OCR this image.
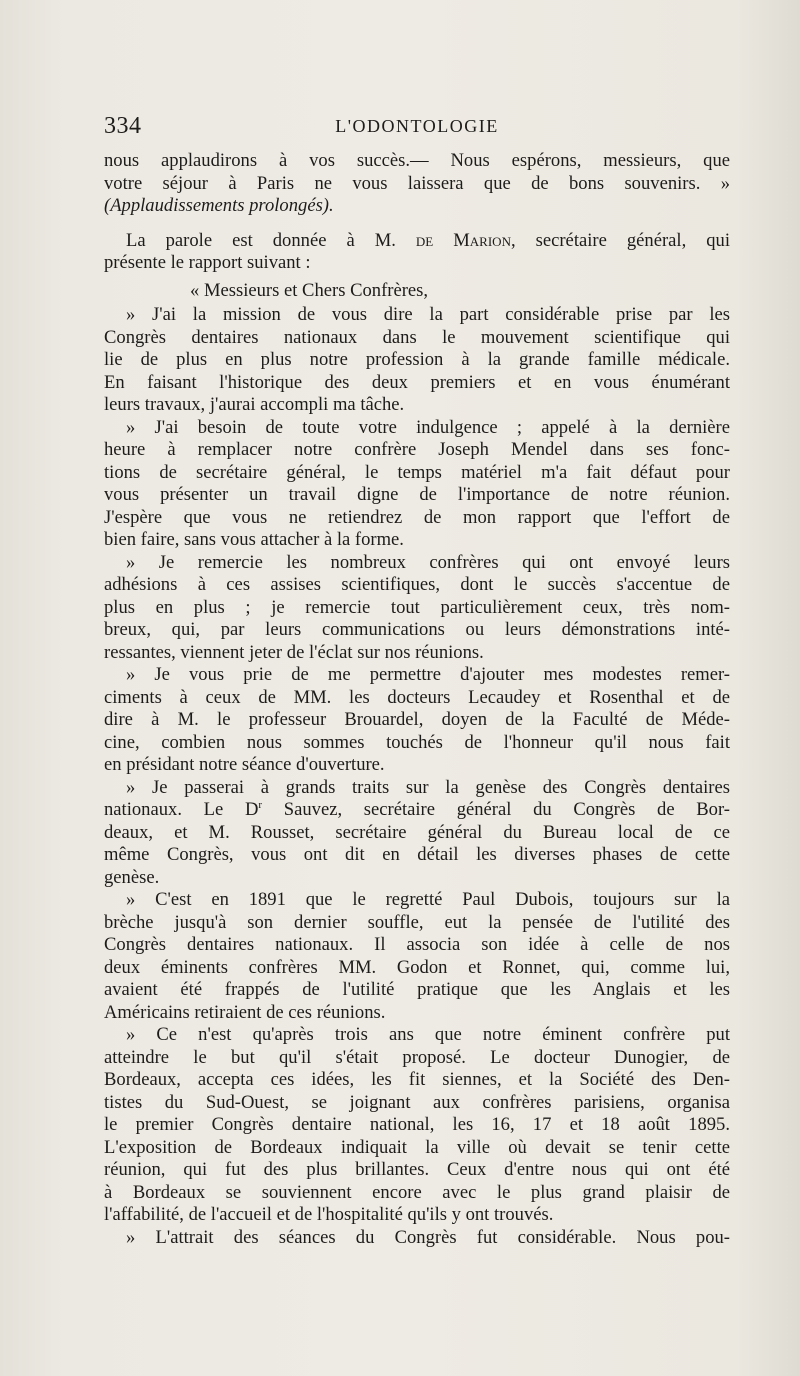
334	L'ODONTOLOGIE

nous applaudirons à vos succès.— Nous espérons, messieurs, que
votre séjour à Paris ne vous laissera que de bons souvenirs. »
(Applaudissements prolongés).

La parole est donnée à M. de Marion, secrétaire général, qui
présente le rapport suivant :

« Messieurs et Chers Confrères,

» J'ai la mission de vous dire la part considérable prise par les
Congrès dentaires nationaux dans le mouvement scientifique qui
lie de plus en plus notre profession à la grande famille médicale.
En faisant l'historique des deux premiers et en vous énumérant
leurs travaux, j'aurai accompli ma tâche.

» J'ai besoin de toute votre indulgence ; appelé à la dernière
heure à remplacer notre confrère Joseph Mendel dans ses fonc-
tions de secrétaire général, le temps matériel m'a fait défaut pour
vous présenter un travail digne de l'importance de notre réunion.
J'espère que vous ne retiendrez de mon rapport que l'effort de
bien faire, sans vous attacher à la forme.

» Je remercie les nombreux confrères qui ont envoyé leurs
adhésions à ces assises scientifiques, dont le succès s'accentue de
plus en plus ; je remercie tout particulièrement ceux, très nom-
breux, qui, par leurs communications ou leurs démonstrations inté-
ressantes, viennent jeter de l'éclat sur nos réunions.

» Je vous prie de me permettre d'ajouter mes modestes remer-
ciments à ceux de MM. les docteurs Lecaudey et Rosenthal et de
dire à M. le professeur Brouardel, doyen de la Faculté de Méde-
cine, combien nous sommes touchés de l'honneur qu'il nous fait
en présidant notre séance d'ouverture.

» Je passerai à grands traits sur la genèse des Congrès dentaires
nationaux. Le $D^r$ Sauvez, secrétaire général du Congrès de Bor-
deaux, et M. Rousset, secrétaire général du Bureau local de ce
même Congrès, vous ont dit en détail les diverses phases de cette
genèse.

» C'est en 1891 que le regretté Paul Dubois, toujours sur la
brèche jusqu'à son dernier souffle, eut la pensée de l'utilité des
Congrès dentaires nationaux. Il associa son idée à celle de nos
deux éminents confrères MM. Godon et Ronnet, qui, comme lui,
avaient été frappés de l'utilité pratique que les Anglais et les
Américains retiraient de ces réunions.

» Ce n'est qu'après trois ans que notre éminent confrère put
atteindre le but qu'il s'était proposé. Le docteur Dunogier, de
Bordeaux, accepta ces idées, les fit siennes, et la Société des Den-
tistes du Sud-Ouest, se joignant aux confrères parisiens, organisa
le premier Congrès dentaire national, les 16, 17 et 18 août 1895.
L'exposition de Bordeaux indiquait la ville où devait se tenir cette
réunion, qui fut des plus brillantes. Ceux d'entre nous qui ont été
à Bordeaux se souviennent encore avec le plus grand plaisir de
l'affabilité, de l'accueil et de l'hospitalité qu'ils y ont trouvés.

» L'attrait des séances du Congrès fut considérable. Nous pou-
